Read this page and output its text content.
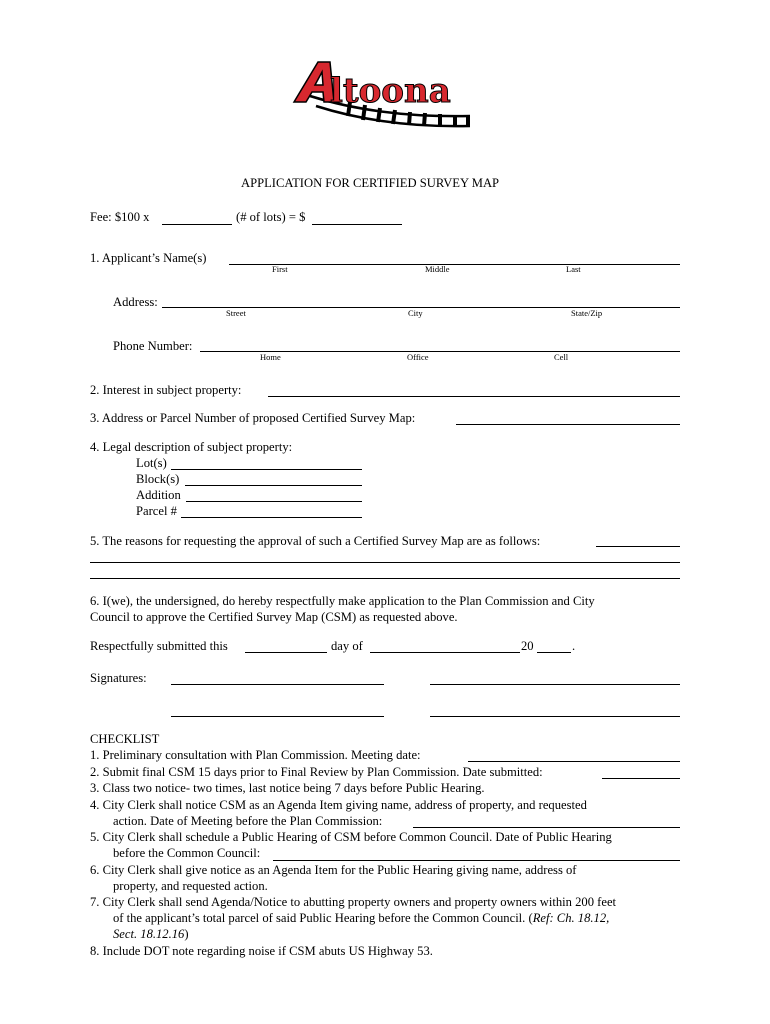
ltoona
APPLICATION FOR CERTIFIED SURVEY MAP
Fee: $100 x	(# of lots) = $
1. Applicant’s Name(s)
First	Middle	Last
Address:
Street	City	State/Zip
Phone Number:
Home	Office	Cell
2. Interest in subject property:
3. Address or Parcel Number of proposed Certified Survey Map:
4. Legal description of subject property:
Lot(s)
Block(s)
Addition
Parcel #
5. The reasons for requesting the approval of such a Certified Survey Map are as follows:
6. I(we), the undersigned, do hereby respectfully make application to the Plan Commission and City
Council to approve the Certified Survey Map (CSM) as requested above.
Respectfully submitted this	day of	20	.
Signatures:
CHECKLIST
1. Preliminary consultation with Plan Commission. Meeting date:
2. Submit final CSM 15 days prior to Final Review by Plan Commission. Date submitted:
3. Class two notice- two times, last notice being 7 days before Public Hearing.
4. City Clerk shall notice CSM as an Agenda Item giving name, address of property, and requested
action. Date of Meeting before the Plan Commission:
5. City Clerk shall schedule a Public Hearing of CSM before Common Council. Date of Public Hearing
before the Common Council:
6. City Clerk shall give notice as an Agenda Item for the Public Hearing giving name, address of
property, and requested action.
7. City Clerk shall send Agenda/Notice to abutting property owners and property owners within 200 feet
of the applicant’s total parcel of said Public Hearing before the Common Council. (Ref: Ch. 18.12,
Sect. 18.12.16)
8. Include DOT note regarding noise if CSM abuts US Highway 53.
